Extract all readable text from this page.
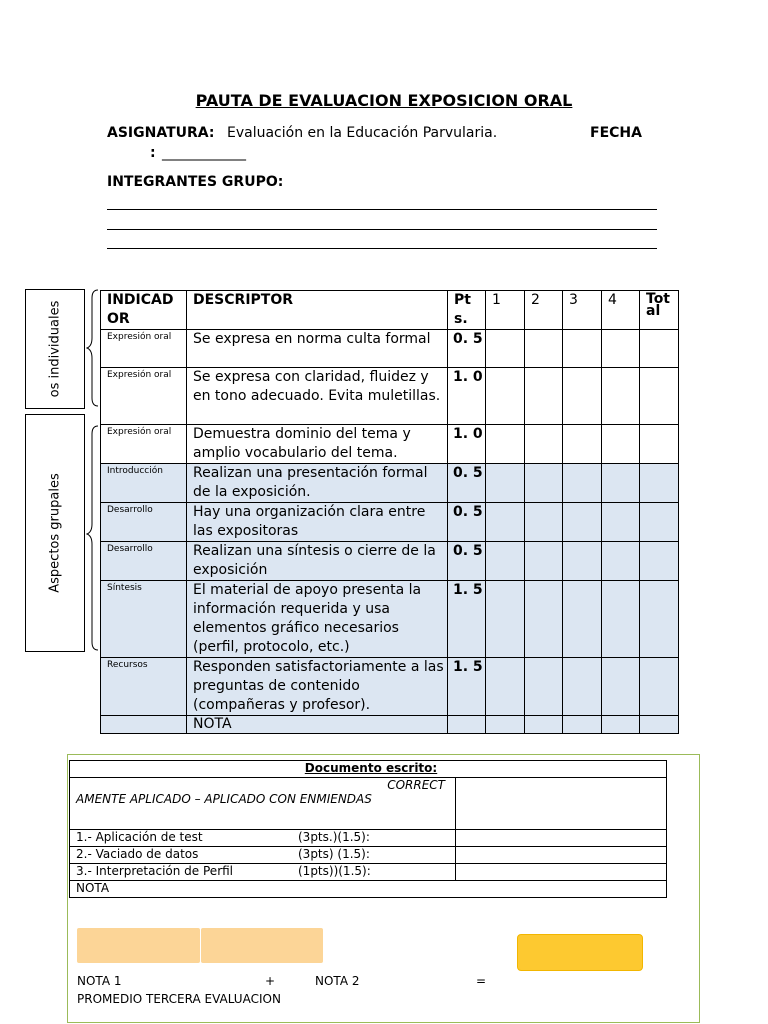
PAUTA DE EVALUACION EXPOSICION ORAL
ASIGNATURA: Evaluación en la Educación Parvularia.	FECHA
: ____________
INTEGRANTES GRUPO:
os individuales
Aspectos grupales
INDICAD OR	DESCRIPTOR	Pt s.	1	2	3	4	Tot al
Expresión oral	Se expresa en norma culta formal	0. 5					
Expresión oral	Se expresa con claridad, fluidez y en tono adecuado. Evita muletillas.	1. 0					
Expresión oral	Demuestra dominio del tema y amplio vocabulario del tema.	1. 0					
Introducción	Realizan una presentación formal de la exposición.	0. 5					
Desarrollo	Hay una organización clara entre las expositoras	0. 5					
Desarrollo	Realizan una síntesis o cierre de la exposición	0. 5					
Síntesis	El material de apoyo presenta la información requerida y usa elementos gráfico necesarios (perfil, protocolo, etc.)	1. 5					
Recursos	Responden satisfactoriamente a las preguntas de contenido (compañeras y profesor).	1. 5					
	NOTA						
Documento escrito:	

CORRECT
AMENTE APLICADO – APLICADO CON ENMIENDAS	

1.- Aplicación de test (3pts.)(1.5):	
2.- Vaciado de datos (3pts) (1.5):	
3.- Interpretación de Perfil (1pts))(1.5):	
NOTA	
NOTA 1	+	NOTA 2	=
PROMEDIO TERCERA EVALUACION
